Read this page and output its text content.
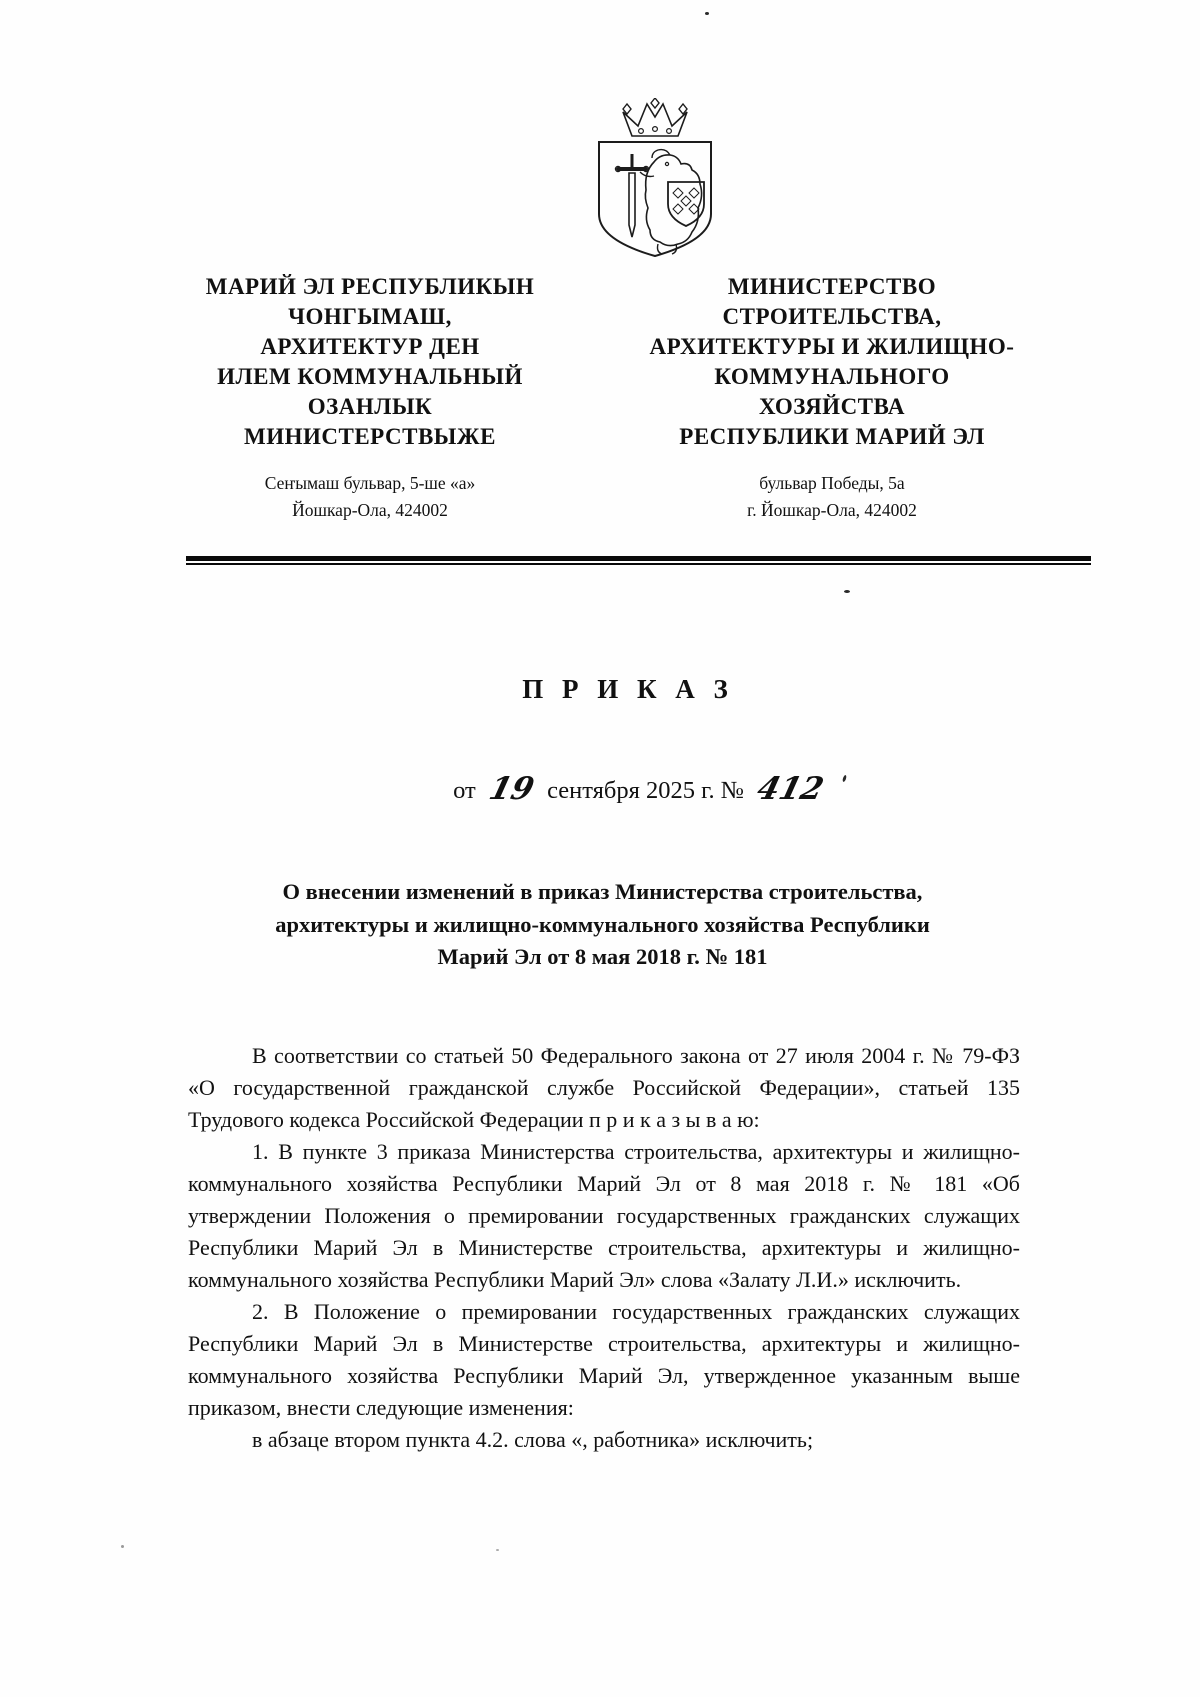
МАРИЙ ЭЛ РЕСПУБЛИКЫН
ЧОНГЫМАШ,
АРХИТЕКТУР ДЕН
ИЛЕМ КОММУНАЛЬНЫЙ
ОЗАНЛЫК
МИНИСТЕРСТВЫЖЕ
МИНИСТЕРСТВО
СТРОИТЕЛЬСТВА,
АРХИТЕКТУРЫ И ЖИЛИЩНО-
КОММУНАЛЬНОГО
ХОЗЯЙСТВА
РЕСПУБЛИКИ МАРИЙ ЭЛ
Сеҥымаш бульвар, 5-ше «а»
Йошкар-Ола, 424002
бульвар Победы, 5а
г. Йошкар-Ола, 424002
П Р И К А З
от 19 сентября 2025 г. № 412
О внесении изменений в приказ Министерства строительства,
архитектуры и жилищно-коммунального хозяйства Республики
Марий Эл от 8 мая 2018 г. № 181

В соответствии со статьей 50 Федерального закона от 27 июля 2004 г. № 79-ФЗ «О государственной гражданской службе Российской Федерации», статьей 135 Трудового кодекса Российской Федерации п р и к а з ы в а ю:

1. В пункте 3 приказа Министерства строительства, архитектуры и жилищно-коммунального хозяйства Республики Марий Эл от 8 мая 2018 г. № 181 «Об утверждении Положения о премировании государственных гражданских служащих Республики Марий Эл в Министерстве строительства, архитектуры и жилищно-коммунального хозяйства Республики Марий Эл» слова «Залату Л.И.» исключить.

2. В Положение о премировании государственных гражданских служащих Республики Марий Эл в Министерстве строительства, архитектуры и жилищно-коммунального хозяйства Республики Марий Эл, утвержденное указанным выше приказом, внести следующие изменения:

в абзаце втором пункта 4.2. слова «, работника» исключить;
